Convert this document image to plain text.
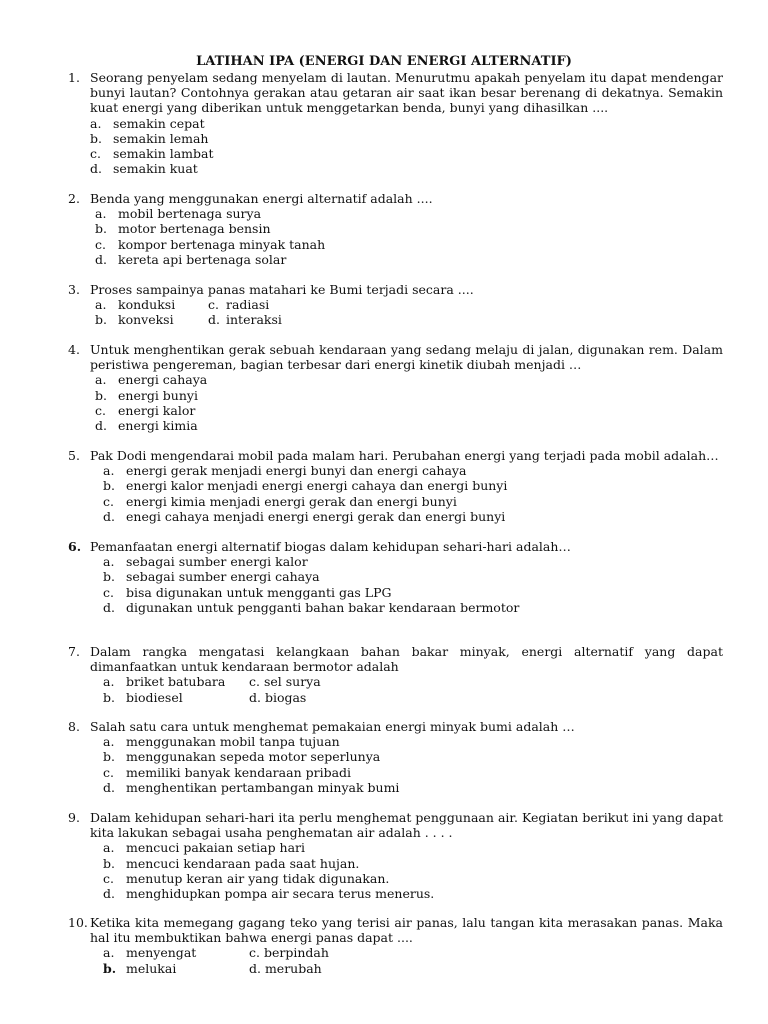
LATIHAN IPA (ENERGI DAN ENERGI ALTERNATIF)
1. Seorang penyelam sedang menyelam di lautan. Menurutmu apakah penyelam itu dapat mendengar bunyi lautan? Contohnya gerakan atau getaran air saat ikan besar berenang di dekatnya. Semakin kuat energi yang diberikan untuk menggetarkan benda, bunyi yang dihasilkan ....
a. semakin cepat
b. semakin lemah
c. semakin lambat
d. semakin kuat
2. Benda yang menggunakan energi alternatif adalah ....
a. mobil bertenaga surya
b. motor bertenaga bensin
c. kompor bertenaga minyak tanah
d. kereta api bertenaga solar
3. Proses sampainya panas matahari ke Bumi terjadi secara ....
a. konduksi	c. radiasi
b. konveksi	d. interaksi
4. Untuk menghentikan gerak sebuah kendaraan yang sedang melaju di jalan, digunakan rem. Dalam peristiwa pengereman, bagian terbesar dari energi kinetik diubah menjadi …
a. energi cahaya
b. energi bunyi
c. energi kalor
d. energi kimia
5. Pak Dodi mengendarai mobil pada malam hari. Perubahan energi yang terjadi pada mobil adalah…
a. energi gerak menjadi energi bunyi dan energi cahaya
b. energi kalor menjadi energi energi cahaya dan energi bunyi
c. energi kimia menjadi energi gerak dan energi bunyi
d. enegi cahaya menjadi energi energi gerak dan energi bunyi
6. Pemanfaatan energi alternatif biogas dalam kehidupan sehari-hari adalah…
a. sebagai sumber energi kalor
b. sebagai sumber energi cahaya
c. bisa digunakan untuk mengganti gas LPG
d. digunakan untuk pengganti bahan bakar kendaraan bermotor
7. Dalam rangka mengatasi kelangkaan bahan bakar minyak, energi alternatif yang dapat dimanfaatkan untuk kendaraan bermotor adalah
a. briket batubara c. sel surya
b. biodiesel	d. biogas
8. Salah satu cara untuk menghemat pemakaian energi minyak bumi adalah …
a. menggunakan mobil tanpa tujuan
b. menggunakan sepeda motor seperlunya
c. memiliki banyak kendaraan pribadi
d. menghentikan pertambangan minyak bumi
9. Dalam kehidupan sehari-hari ita perlu menghemat penggunaan air. Kegiatan berikut ini yang dapat kita lakukan sebagai usaha penghematan air adalah . . . .
a. mencuci pakaian setiap hari
b. mencuci kendaraan pada saat hujan.
c. menutup keran air yang tidak digunakan.
d. menghidupkan pompa air secara terus menerus.
10. Ketika kita memegang gagang teko yang terisi air panas, lalu tangan kita merasakan panas. Maka hal itu membuktikan bahwa energi panas dapat ....
a. menyengat	c. berpindah
b. melukai	d. merubah
